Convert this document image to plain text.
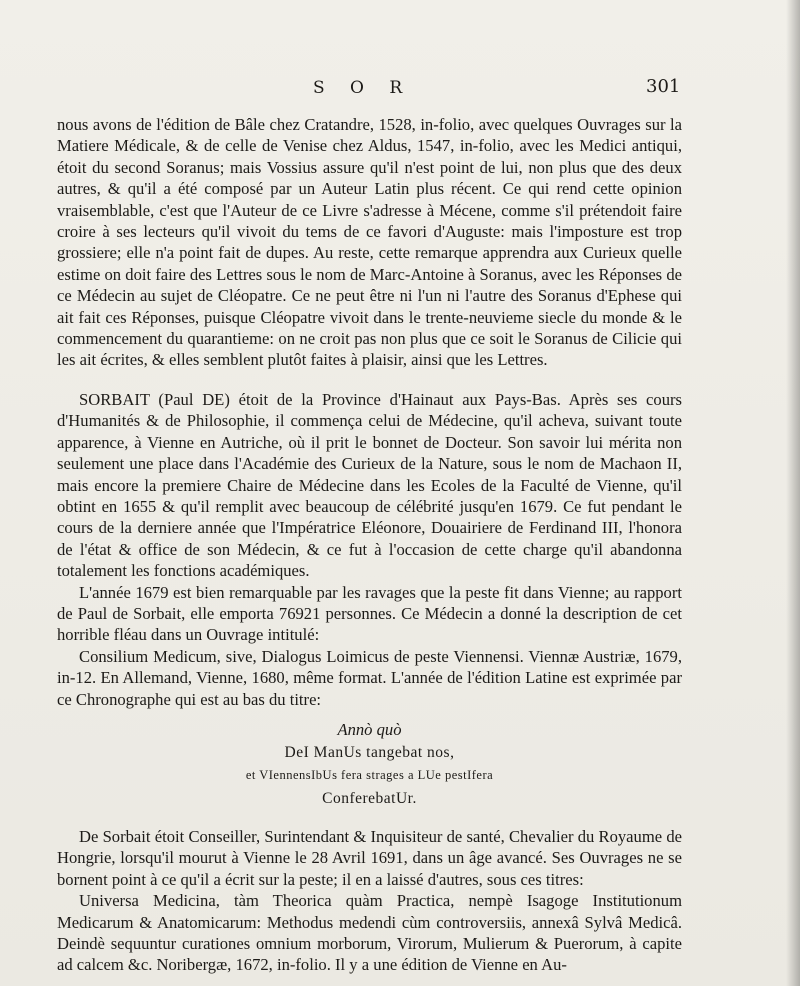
S O R	301

nous avons de l'édition de Bâle chez Cratandre, 1528, in-folio, avec quelques Ouvrages sur la Matiere Médicale, & de celle de Venise chez Aldus, 1547, in-folio, avec les Medici antiqui, étoit du second Soranus; mais Vossius assure qu'il n'est point de lui, non plus que des deux autres, & qu'il a été composé par un Auteur Latin plus récent. Ce qui rend cette opinion vraisemblable, c'est que l'Auteur de ce Livre s'adresse à Mécene, comme s'il prétendoit faire croire à ses lecteurs qu'il vivoit du tems de ce favori d'Auguste: mais l'imposture est trop grossiere; elle n'a point fait de dupes. Au reste, cette remarque apprendra aux Curieux quelle estime on doit faire des Lettres sous le nom de Marc-Antoine à Soranus, avec les Réponses de ce Médecin au sujet de Cléopatre. Ce ne peut être ni l'un ni l'autre des Soranus d'Ephese qui ait fait ces Réponses, puisque Cléopatre vivoit dans le trente-neuvieme siecle du monde & le commencement du quarantieme: on ne croit pas non plus que ce soit le Soranus de Cilicie qui les ait écrites, & elles semblent plutôt faites à plaisir, ainsi que les Lettres.

SORBAIT (Paul DE) étoit de la Province d'Hainaut aux Pays-Bas. Après ses cours d'Humanités & de Philosophie, il commença celui de Médecine, qu'il acheva, suivant toute apparence, à Vienne en Autriche, où il prit le bonnet de Docteur. Son savoir lui mérita non seulement une place dans l'Académie des Curieux de la Nature, sous le nom de Machaon II, mais encore la premiere Chaire de Médecine dans les Ecoles de la Faculté de Vienne, qu'il obtint en 1655 & qu'il remplit avec beaucoup de célébrité jusqu'en 1679. Ce fut pendant le cours de la derniere année que l'Impératrice Eléonore, Douairiere de Ferdinand III, l'honora de l'état & office de son Médecin, & ce fut à l'occasion de cette charge qu'il abandonna totalement les fonctions académiques.

L'année 1679 est bien remarquable par les ravages que la peste fit dans Vienne; au rapport de Paul de Sorbait, elle emporta 76921 personnes. Ce Médecin a donné la description de cet horrible fléau dans un Ouvrage intitulé:

Consilium Medicum, sive, Dialogus Loimicus de peste Viennensi. Viennæ Austriæ, 1679, in-12. En Allemand, Vienne, 1680, même format. L'année de l'édition Latine est exprimée par ce Chronographe qui est au bas du titre:

Annò quò
DeI ManUs tangebat nos,
et VIennensIbUs fera strages a LUe pestIfera
ConferebatUr.

De Sorbait étoit Conseiller, Surintendant & Inquisiteur de santé, Chevalier du Royaume de Hongrie, lorsqu'il mourut à Vienne le 28 Avril 1691, dans un âge avancé. Ses Ouvrages ne se bornent point à ce qu'il a écrit sur la peste; il en a laissé d'autres, sous ces titres:

Universa Medicina, tàm Theorica quàm Practica, nempè Isagoge Institutionum Medicarum & Anatomicarum: Methodus medendi cùm controversiis, annexâ Sylvâ Medicâ. Deindè sequuntur curationes omnium morborum, Virorum, Mulierum & Puerorum, à capite ad calcem &c. Noribergæ, 1672, in-folio. Il y a une édition de Vienne en Au-
